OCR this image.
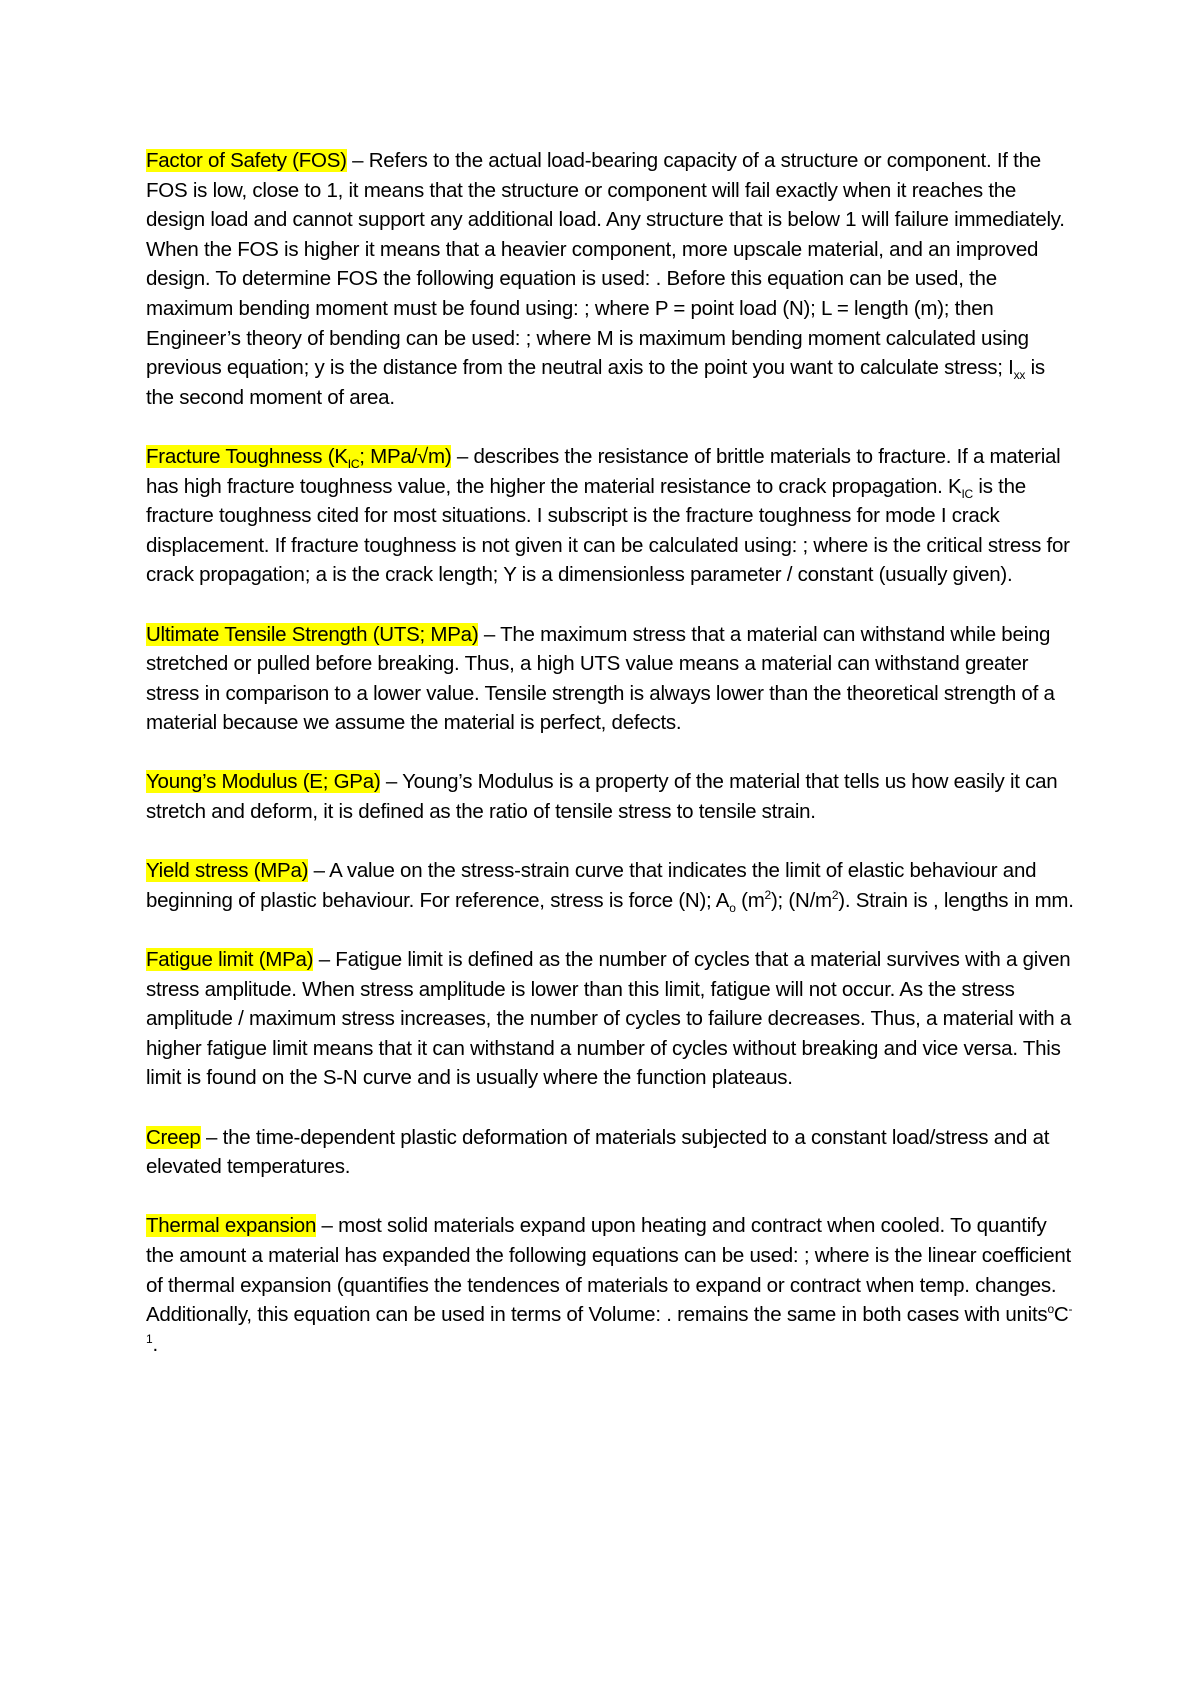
Factor of Safety (FOS) – Refers to the actual load-bearing capacity of a structure or component. If the FOS is low, close to 1, it means that the structure or component will fail exactly when it reaches the design load and cannot support any additional load. Any structure that is below 1 will failure immediately. When the FOS is higher it means that a heavier component, more upscale material, and an improved design. To determine FOS the following equation is used: . Before this equation can be used, the maximum bending moment must be found using: ; where P = point load (N); L = length (m); then Engineer’s theory of bending can be used: ; where M is maximum bending moment calculated using previous equation; y is the distance from the neutral axis to the point you want to calculate stress; $I_{xx}$ is the second moment of area.

Fracture Toughness ($K_{IC}$; MPa/√m) – describes the resistance of brittle materials to fracture. If a material has high fracture toughness value, the higher the material resistance to crack propagation. $K_{IC}$ is the fracture toughness cited for most situations. I subscript is the fracture toughness for mode I crack displacement. If fracture toughness is not given it can be calculated using: ; where is the critical stress for crack propagation; a is the crack length; Y is a dimensionless parameter / constant (usually given).

Ultimate Tensile Strength (UTS; MPa) – The maximum stress that a material can withstand while being stretched or pulled before breaking. Thus, a high UTS value means a material can withstand greater stress in comparison to a lower value. Tensile strength is always lower than the theoretical strength of a material because we assume the material is perfect, defects.

Young’s Modulus (E; GPa) – Young’s Modulus is a property of the material that tells us how easily it can stretch and deform, it is defined as the ratio of tensile stress to tensile strain.

Yield stress (MPa) – A value on the stress-strain curve that indicates the limit of elastic behaviour and beginning of plastic behaviour. For reference, stress is force (N); $A_o$ $(m^2)$; $(N/m^2)$. Strain is , lengths in mm.

Fatigue limit (MPa) – Fatigue limit is defined as the number of cycles that a material survives with a given stress amplitude. When stress amplitude is lower than this limit, fatigue will not occur. As the stress amplitude / maximum stress increases, the number of cycles to failure decreases. Thus, a material with a higher fatigue limit means that it can withstand a number of cycles without breaking and vice versa. This limit is found on the S-N curve and is usually where the function plateaus.

Creep – the time-dependent plastic deformation of materials subjected to a constant load/stress and at elevated temperatures.

Thermal expansion – most solid materials expand upon heating and contract when cooled. To quantify the amount a material has expanded the following equations can be used: ; where is the linear coefficient of thermal expansion (quantifies the tendences of materials to expand or contract when temp. changes. Additionally, this equation can be used in terms of Volume: . remains the same in both cases with $units^oC^{-1}$.
